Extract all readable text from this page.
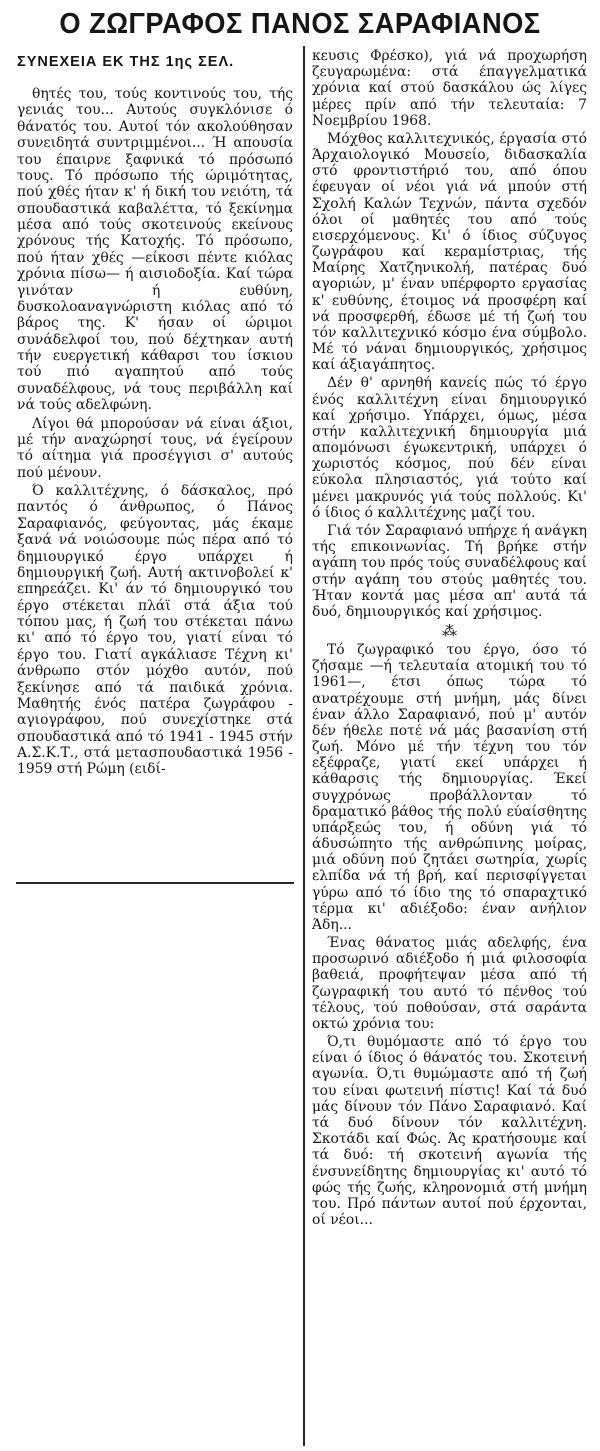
Ο ΖΩΓΡΑΦΟΣ ΠΑΝΟΣ ΣΑΡΑΦΙΑΝΟΣ
ΣΥΝΕΧΕΙΑ ΕΚ ΤΗΣ 1ης ΣΕΛ.

θητές του, τούς κοντινούς του, τής γενιάς του... Αυτούς συγκλόνισε ό θάνατός του. Αυτοί τόν ακολούθησαν συνειδητά συντριμμένοι... Ή απουσία του έπαιρνε ξαφνικά τό πρόσωπό τους. Τό πρόσωπο τής ώριμότητας, πού χθές ήταν κ' ή δική του νειότη, τά σπουδαστικά καβαλέττα, τό ξεκίνημα μέσα από τούς σκοτεινούς εκείνους χρόνους τής Κατοχής. Τό πρόσωπο, πού ήταν χθές —είκοσι πέντε κιόλας χρόνια πίσω— ή αισιοδοξία. Καί τώρα γινόταν ή ευθύνη, δυσκολοαναγνώριστη κιόλας από τό βάρος της. Κ' ήσαν οί ώριμοι συνάδελφοί του, πού δέχτηκαν αυτή τήν ευεργετική κάθαρσι του ίσκιου τού πιό αγαπητού από τούς συναδέλφους, νά τους περιβάλλη καί νά τούς αδελφώνη.

Λίγοι θά μπορούσαν νά είναι άξιοι, μέ τήν αναχώρησί τους, νά έγείρουν τό αίτημα γιά προσέγγισι σ' αυτούς πού μένουν.

Ό καλλιτέχνης, ό δάσκαλος, πρό παντός ό άνθρωπος, ό Πάνος Σαραφιανός, φεύγοντας, μάς έκαμε ξανά νά νοιώσουμε πώς πέρα από τό δημιουργικό έργο υπάρχει ή δημιουργική ζωή. Αυτή ακτινοβολεί κ' επηρεάζει. Κι' άν τό δημιουργικό του έργο στέκεται πλάϊ στά άξια τού τόπου μας, ή ζωή του στέκεται πάνω κι' από τό έργο του, γιατί είναι τό έργο του. Γιατί αγκάλιασε Τέχνη κι' άνθρωπο στόν μόχθο αυτόν, πού ξεκίνησε από τά παιδικά χρόνια. Μαθητής ένός πατέρα ζωγράφου - αγιογράφου, πού συνεχίστηκε στά σπουδαστικά από τό 1941 - 1945 στήν Α.Σ.Κ.Τ., στά μετασπουδαστικά 1956 - 1959 στή Ρώμη (ειδί-

κευσις Φρέσκο), γιά νά προχωρήση ζευγαρωμένα: στά έπαγγελματικά χρόνια καί στού δασκάλου ώς λίγες μέρες πρίν από τήν τελευταία: 7 Νοεμβρίου 1968.

Μόχθος καλλιτεχνικός, έργασία στό Άρχαιολογικό Μουσείο, διδασκαλία στό φροντιστήριό του, από όπου έφευγαν οί νέοι γιά νά μπούν στή Σχολή Καλών Τεχνών, πάντα σχεδόν όλοι οί μαθητές του από τούς εισερχόμενους. Κι' ό ίδιος σύζυγος ζωγράφου καί κεραμίστριας, τής Μαίρης Χατζηνικολή, πατέρας δυό αγοριών, μ' έναν υπέρφορτο εργασίας κ' ευθύνης, έτοιμος νά προσφέρη καί νά προσφερθή, έδωσε μέ τή ζωή του τόν καλλιτεχνικό κόσμο ένα σύμβολο. Μέ τό νάναι δημιουργικός, χρήσιμος καί άξιαγάπητος.

Δέν θ' αρνηθή κανείς πώς τό έργο ένός καλλιτέχνη είναι δημιουργικό καί χρήσιμο. Υπάρχει, όμως, μέσα στήν καλλιτεχνική δημιουργία μιά απομόνωσι έγωκεντρική, υπάρχει ό χωριστός κόσμος, πού δέν είναι εύκολα πλησιαστός, γιά τούτο καί μένει μακρυνός γιά τούς πολλούς. Κι' ό ίδιος ό καλλιτέχνης μαζί του.

Γιά τόν Σαραφιανό υπήρχε ή ανάγκη τής επικοινωνίας. Τή βρήκε στήν αγάπη του πρός τούς συναδέλφους καί στήν αγάπη του στούς μαθητές του. Ήταν κοντά μας μέσα απ' αυτά τά δυό, δημιουργικός καί χρήσιμος.

⁂

Τό ζωγραφικό του έργο, όσο τό ζήσαμε —ή τελευταία ατομική του τό 1961—, έτσι όπως τώρα τό ανατρέχουμε στή μνήμη, μάς δίνει έναν άλλο Σαραφιανό, πού μ' αυτόν δέν ήθελε ποτέ νά μάς βασανίση στή ζωή. Μόνο μέ τήν τέχνη του τόν εξέφραζε, γιατί εκεί υπάρχει ή κάθαρσις τής δημιουργίας. Έκεί συγχρόνως προβάλλονταν τό δραματικό βάθος τής πολύ εύαίσθητης υπάρξεώς του, ή οδύνη γιά τό άδυσώπητο τής ανθρώπινης μοίρας, μιά οδύνη πού ζητάει σωτηρία, χωρίς ελπίδα νά τή βρή, καί περισφίγγεται γύρω από τό ίδιο της τό σπαραχτικό τέρμα κι' αδιέξοδο: έναν ανήλιον Άδη...

Ένας θάνατος μιάς αδελφής, ένα προσωρινό αδιέξοδο ή μιά φιλοσοφία βαθειά, προφήτεψαν μέσα από τή ζωγραφική του αυτό τό πένθος τού τέλους, τού ποθούσαν, στά σαράντα οκτώ χρόνια του:

Ό,τι θυμόμαστε από τό έργο του είναι ό ίδιος ό θάνατός του. Σκοτεινή αγωνία. Ό,τι θυμώμαστε από τή ζωή του είναι φωτεινή πίστις! Καί τά δυό μάς δίνουν τόν Πάνο Σαραφιανό. Καί τά δυό δίνουν τόν καλλιτέχνη. Σκοτάδι καί Φώς. Άς κρατήσουμε καί τά δυό: τή σκοτεινή αγωνία τής ένσυνείδητης δημιουργίας κι' αυτό τό φώς τής ζωής, κληρονομιά στή μνήμη του. Πρό πάντων αυτοί πού έρχονται, οί νέοι...
